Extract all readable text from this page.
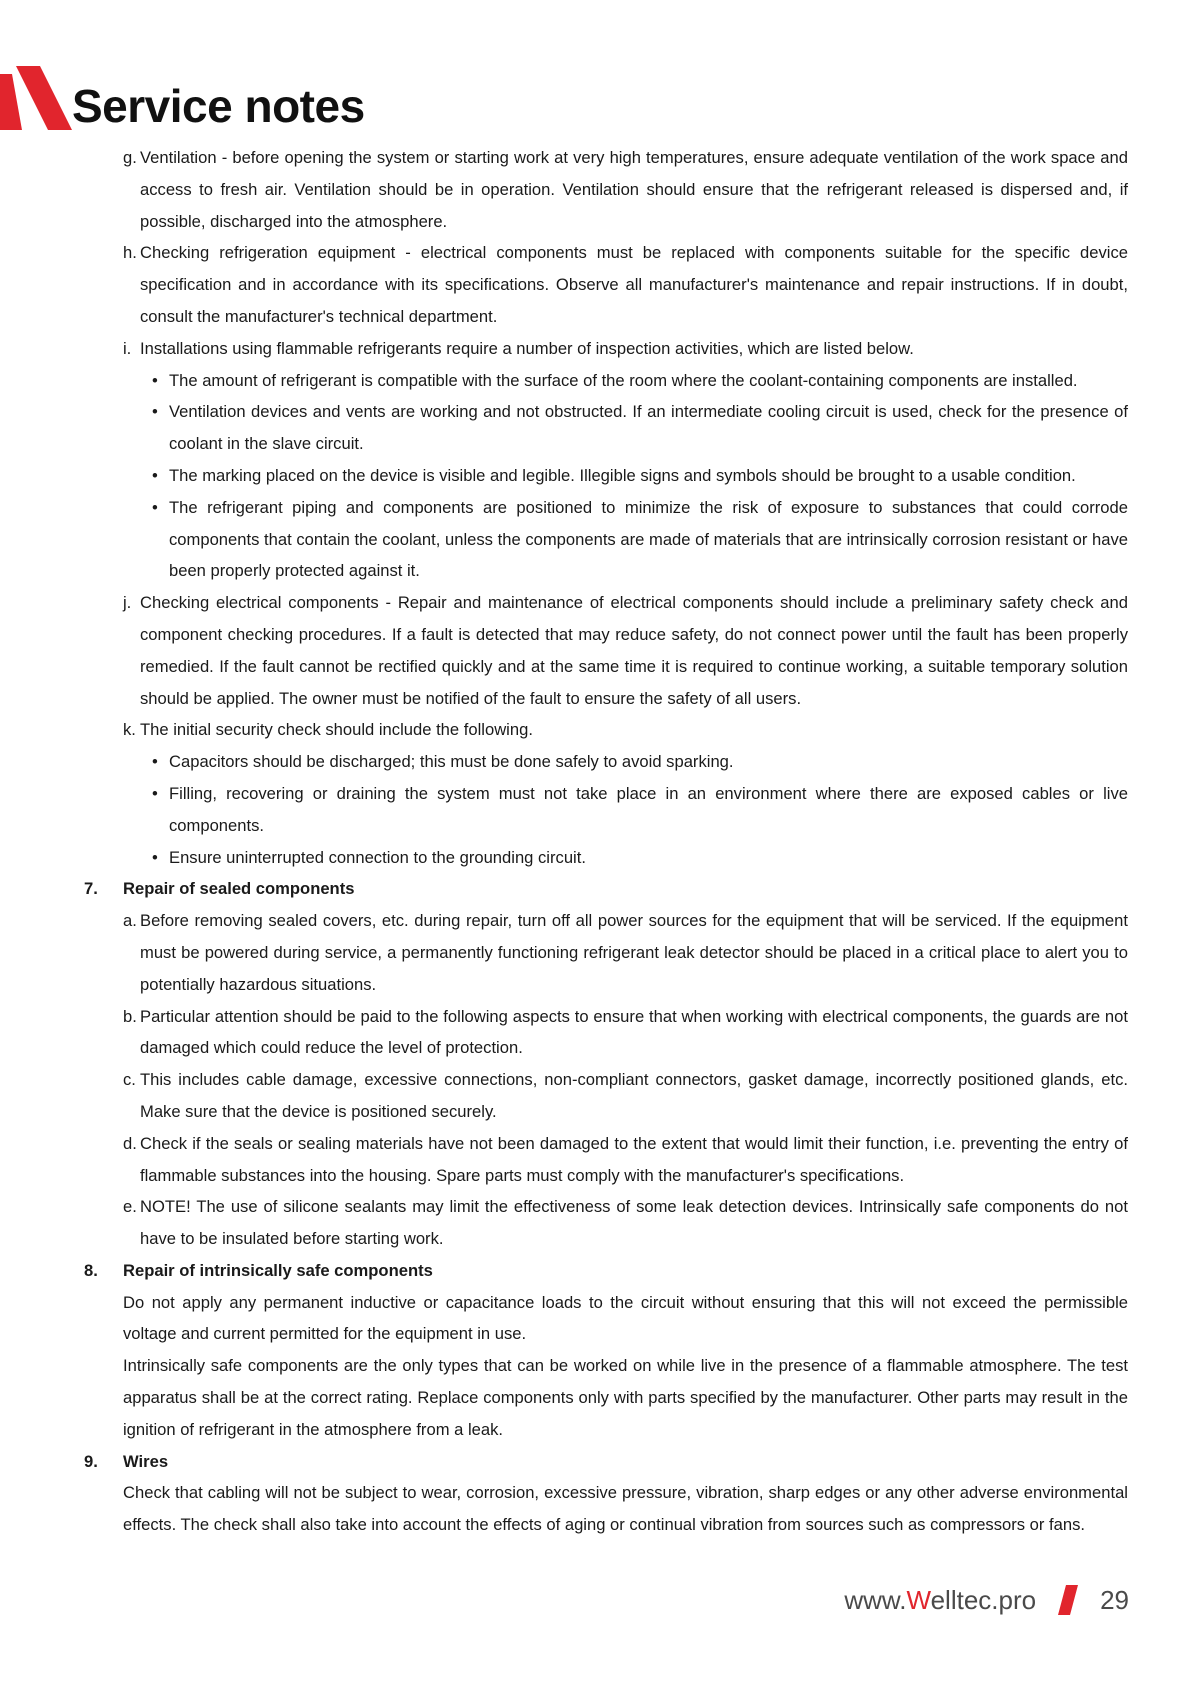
Service notes
g. Ventilation - before opening the system or starting work at very high temperatures, ensure adequate ventilation of the work space and access to fresh air. Ventilation should be in operation. Ventilation should ensure that the refrigerant released is dispersed and, if possible, discharged into the atmosphere.
h. Checking refrigeration equipment - electrical components must be replaced with components suitable for the specific device specification and in accordance with its specifications. Observe all manufacturer's maintenance and repair instructions. If in doubt, consult the manufacturer's technical department.
i. Installations using flammable refrigerants require a number of inspection activities, which are listed below.
• The amount of refrigerant is compatible with the surface of the room where the coolant-containing components are installed.
• Ventilation devices and vents are working and not obstructed. If an intermediate cooling circuit is used, check for the presence of coolant in the slave circuit.
• The marking placed on the device is visible and legible. Illegible signs and symbols should be brought to a usable condition.
• The refrigerant piping and components are positioned to minimize the risk of exposure to substances that could corrode components that contain the coolant, unless the components are made of materials that are intrinsically corrosion resistant or have been properly protected against it.
j. Checking electrical components - Repair and maintenance of electrical components should include a preliminary safety check and component checking procedures. If a fault is detected that may reduce safety, do not connect power until the fault has been properly remedied. If the fault cannot be rectified quickly and at the same time it is required to continue working, a suitable temporary solution should be applied. The owner must be notified of the fault to ensure the safety of all users.
k. The initial security check should include the following.
• Capacitors should be discharged; this must be done safely to avoid sparking.
• Filling, recovering or draining the system must not take place in an environment where there are exposed cables or live components.
• Ensure uninterrupted connection to the grounding circuit.
7. Repair of sealed components
a. Before removing sealed covers, etc. during repair, turn off all power sources for the equipment that will be serviced. If the equipment must be powered during service, a permanently functioning refrigerant leak detector should be placed in a critical place to alert you to potentially hazardous situations.
b. Particular attention should be paid to the following aspects to ensure that when working with electrical components, the guards are not damaged which could reduce the level of protection.
c. This includes cable damage, excessive connections, non-compliant connectors, gasket damage, incorrectly positioned glands, etc. Make sure that the device is positioned securely.
d. Check if the seals or sealing materials have not been damaged to the extent that would limit their function, i.e. preventing the entry of flammable substances into the housing. Spare parts must comply with the manufacturer's specifications.
e. NOTE! The use of silicone sealants may limit the effectiveness of some leak detection devices. Intrinsically safe components do not have to be insulated before starting work.
8. Repair of intrinsically safe components
Do not apply any permanent inductive or capacitance loads to the circuit without ensuring that this will not exceed the permissible voltage and current permitted for the equipment in use.
Intrinsically safe components are the only types that can be worked on while live in the presence of a flammable atmosphere. The test apparatus shall be at the correct rating. Replace components only with parts specified by the manufacturer. Other parts may result in the ignition of refrigerant in the atmosphere from a leak.
9. Wires
Check that cabling will not be subject to wear, corrosion, excessive pressure, vibration, sharp edges or any other adverse environmental effects. The check shall also take into account the effects of aging or continual vibration from sources such as compressors or fans.
www.Welltec.pro 29
